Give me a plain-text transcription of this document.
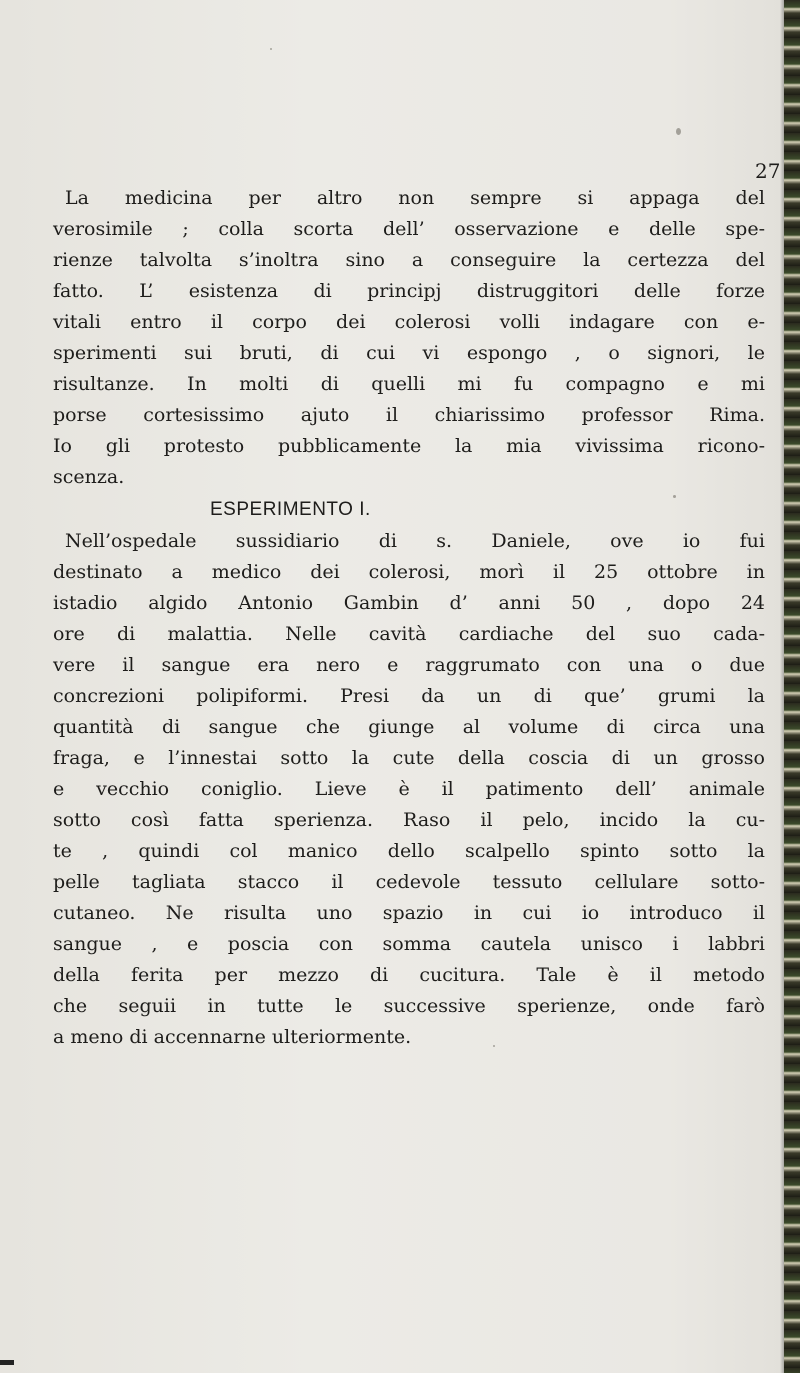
27
La medicina per altro non sempre si appaga del
verosimile ; colla scorta dell’ osservazione e delle spe-
rienze talvolta s’inoltra sino a conseguire la certezza del
fatto. L’ esistenza di principj distruggitori delle forze
vitali entro il corpo dei colerosi volli indagare con e-
sperimenti sui bruti, di cui vi espongo , o signori, le
risultanze. In molti di quelli mi fu compagno e mi
porse cortesissimo ajuto il chiarissimo professor Rima.
Io gli protesto pubblicamente la mia vivissima ricono-
scenza.
ESPERIMENTO I.
Nell’ospedale sussidiario di s. Daniele, ove io fui
destinato a medico dei colerosi, morì il 25 ottobre in
istadio algido Antonio Gambin d’ anni 50 , dopo 24
ore di malattia. Nelle cavità cardiache del suo cada-
vere il sangue era nero e raggrumato con una o due
concrezioni polipiformi. Presi da un di que’ grumi la
quantità di sangue che giunge al volume di circa una
fraga, e l’innestai sotto la cute della coscia di un grosso
e vecchio coniglio. Lieve è il patimento dell’ animale
sotto così fatta sperienza. Raso il pelo, incido la cu-
te , quindi col manico dello scalpello spinto sotto la
pelle tagliata stacco il cedevole tessuto cellulare sotto-
cutaneo. Ne risulta uno spazio in cui io introduco il
sangue , e poscia con somma cautela unisco i labbri
della ferita per mezzo di cucitura. Tale è il metodo
che seguii in tutte le successive sperienze, onde farò
a meno di accennarne ulteriormente.
